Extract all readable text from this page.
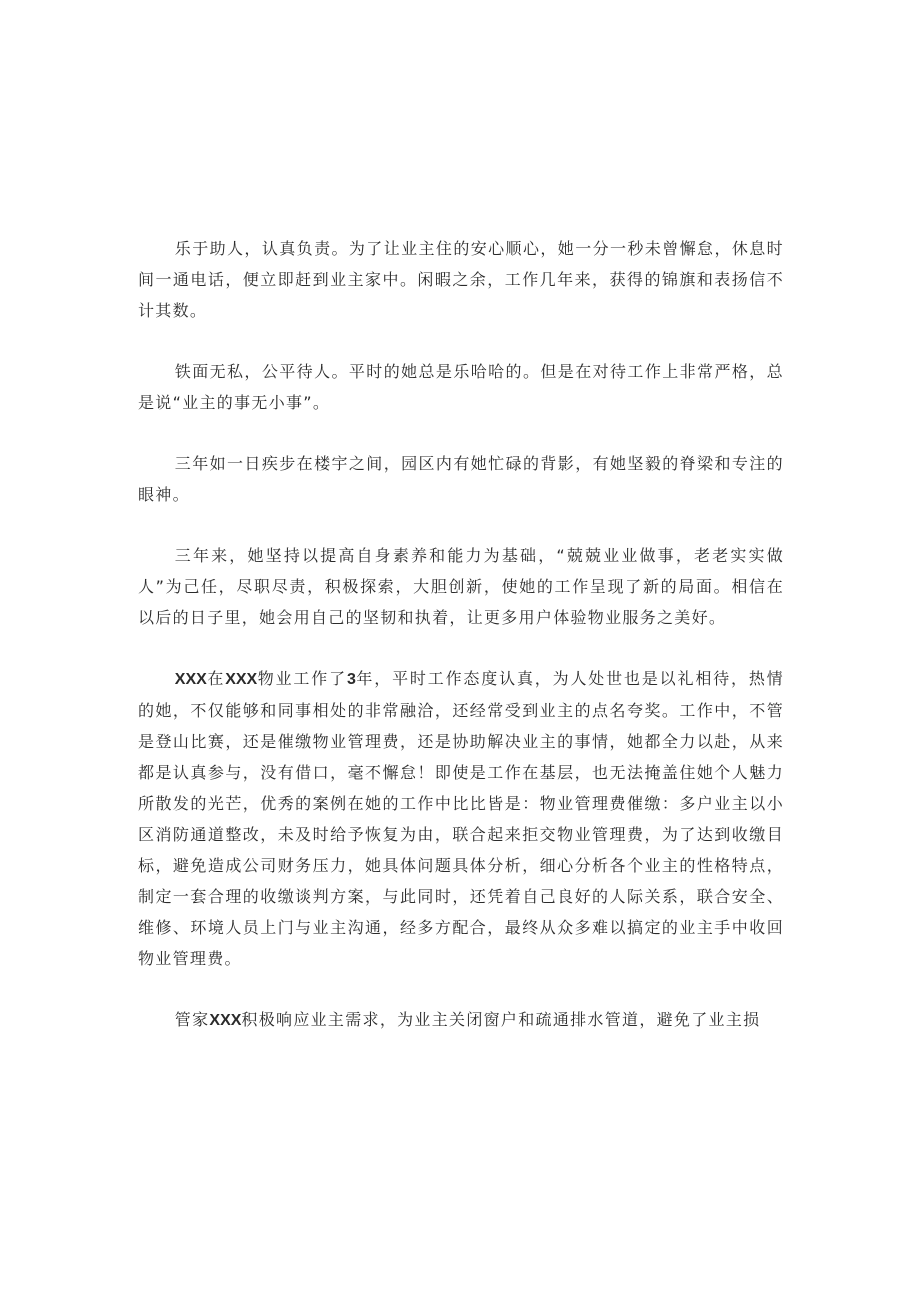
乐于助人，认真负责。为了让业主住的安心顺心，她一分一秒未曾懈怠，休息时间一通电话，便立即赶到业主家中。闲暇之余，工作几年来，获得的锦旗和表扬信不计其数。

铁面无私，公平待人。平时的她总是乐哈哈的。但是在对待工作上非常严格，总是说“业主的事无小事”。

三年如一日疾步在楼宇之间，园区内有她忙碌的背影，有她坚毅的脊梁和专注的眼神。

三年来，她坚持以提高自身素养和能力为基础，“兢兢业业做事，老老实实做人”为己任，尽职尽责，积极探索，大胆创新，使她的工作呈现了新的局面。相信在以后的日子里，她会用自己的坚韧和执着，让更多用户体验物业服务之美好。

XXX在XXX物业工作了3年，平时工作态度认真，为人处世也是以礼相待，热情的她，不仅能够和同事相处的非常融洽，还经常受到业主的点名夸奖。工作中，不管是登山比赛，还是催缴物业管理费，还是协助解决业主的事情，她都全力以赴，从来都是认真参与，没有借口，毫不懈怠！即使是工作在基层，也无法掩盖住她个人魅力所散发的光芒，优秀的案例在她的工作中比比皆是：物业管理费催缴：多户业主以小区消防通道整改，未及时给予恢复为由，联合起来拒交物业管理费，为了达到收缴目标，避免造成公司财务压力，她具体问题具体分析，细心分析各个业主的性格特点，制定一套合理的收缴谈判方案，与此同时，还凭着自己良好的人际关系，联合安全、维修、环境人员上门与业主沟通，经多方配合，最终从众多难以搞定的业主手中收回物业管理费。

管家XXX积极响应业主需求，为业主关闭窗户和疏通排水管道，避免了业主损
